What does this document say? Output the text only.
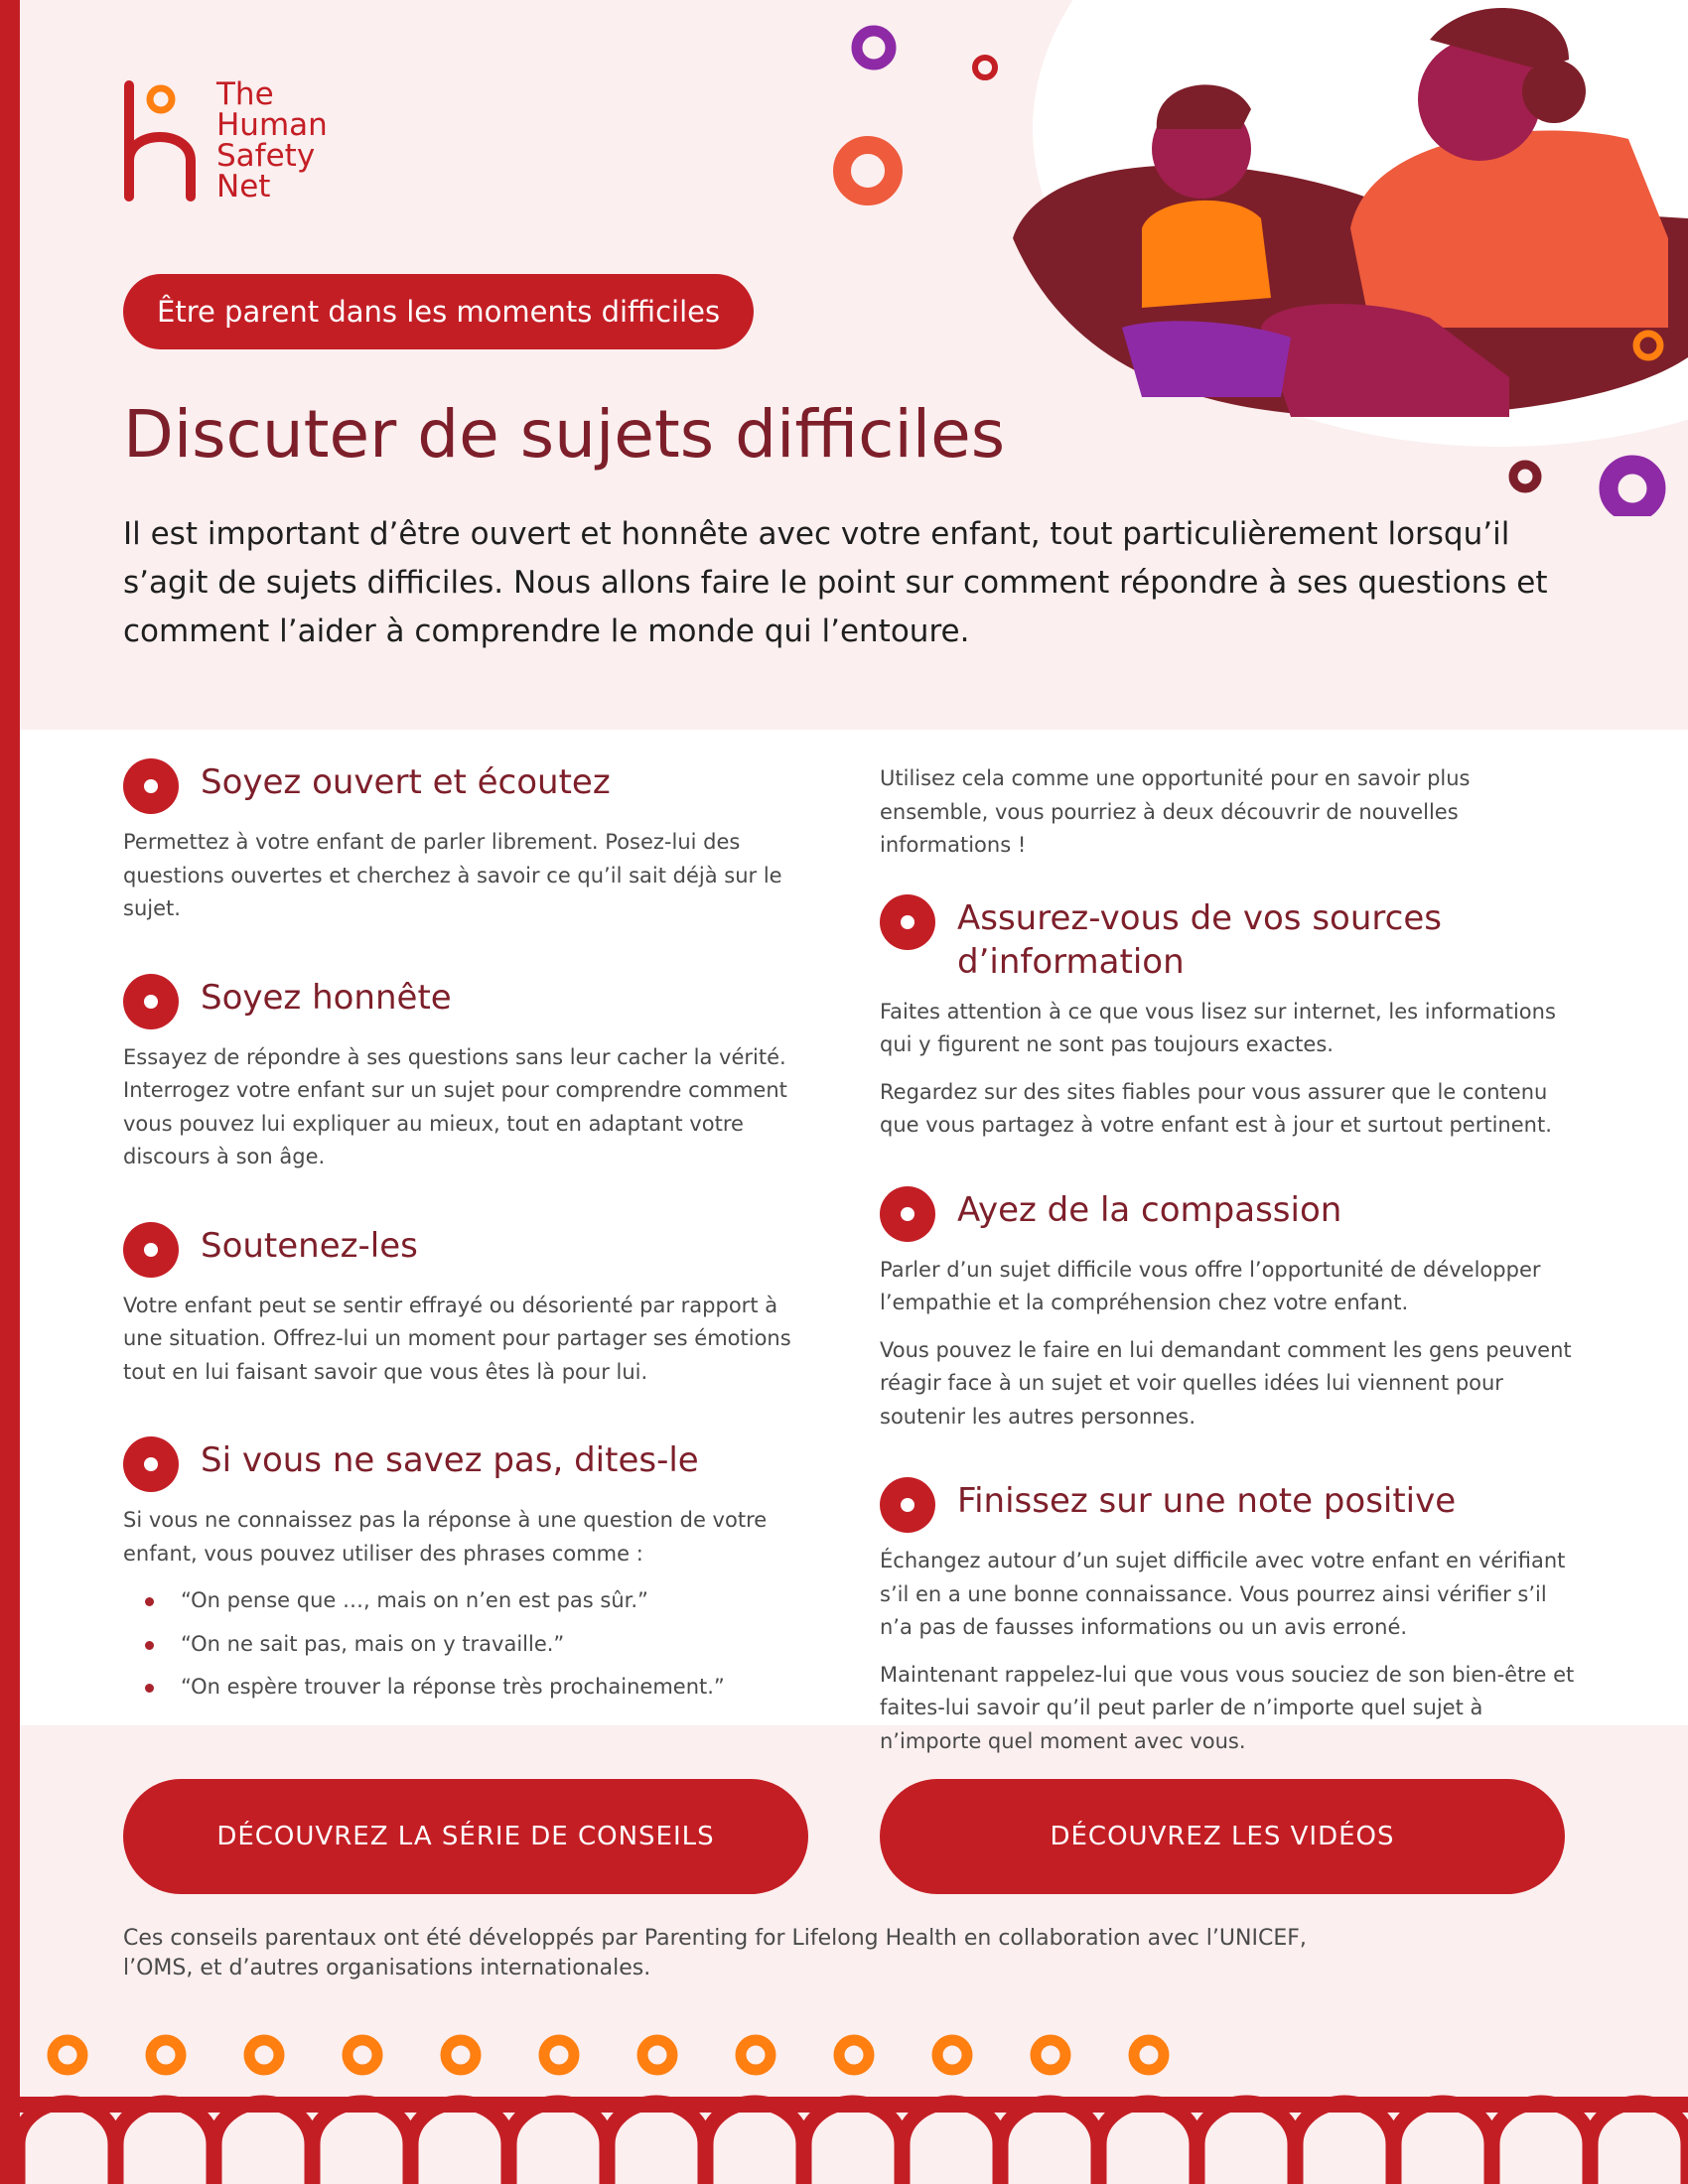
The
Human
Safety
Net
Être parent dans les moments difficiles
Discuter de sujets difficiles
Il est important d’être ouvert et honnête avec votre enfant, tout particulièrement lorsqu’il s’agit de sujets difficiles. Nous allons faire le point sur comment répondre à ses questions et comment l’aider à comprendre le monde qui l’entoure.
Soyez ouvert et écoutez

Permettez à votre enfant de parler librement. Posez-lui des questions ouvertes et cherchez à savoir ce qu’il sait déjà sur le sujet.

Soyez honnête

Essayez de répondre à ses questions sans leur cacher la vérité. Interrogez votre enfant sur un sujet pour comprendre comment vous pouvez lui expliquer au mieux, tout en adaptant votre discours à son âge.

Soutenez-les

Votre enfant peut se sentir effrayé ou désorienté par rapport à une situation. Offrez-lui un moment pour partager ses émotions tout en lui faisant savoir que vous êtes là pour lui.

Si vous ne savez pas, dites-le

Si vous ne connaissez pas la réponse à une question de votre enfant, vous pouvez utiliser des phrases comme :

“On pense que …, mais on n’en est pas sûr.”
“On ne sait pas, mais on y travaille.”
“On espère trouver la réponse très prochainement.”

Utilisez cela comme une opportunité pour en savoir plus ensemble, vous pourriez à deux découvrir de nouvelles informations !

Assurez-vous de vos sources d’information

Faites attention à ce que vous lisez sur internet, les informations qui y figurent ne sont pas toujours exactes.

Regardez sur des sites fiables pour vous assurer que le contenu que vous partagez à votre enfant est à jour et surtout pertinent.

Ayez de la compassion

Parler d’un sujet difficile vous offre l’opportunité de développer l’empathie et la compréhension chez votre enfant.

Vous pouvez le faire en lui demandant comment les gens peuvent réagir face à un sujet et voir quelles idées lui viennent pour soutenir les autres personnes.

Finissez sur une note positive

Échangez autour d’un sujet difficile avec votre enfant en vérifiant s’il en a une bonne connaissance. Vous pourrez ainsi vérifier s’il n’a pas de fausses informations ou un avis erroné.

Maintenant rappelez-lui que vous vous souciez de son bien-être et faites-lui savoir qu’il peut parler de n’importe quel sujet à n’importe quel moment avec vous.

DÉCOUVREZ LA SÉRIE DE CONSEILS	DÉCOUVREZ LES VIDÉOS
Ces conseils parentaux ont été développés par Parenting for Lifelong Health en collaboration avec l’UNICEF, l’OMS, et d’autres organisations internationales.
